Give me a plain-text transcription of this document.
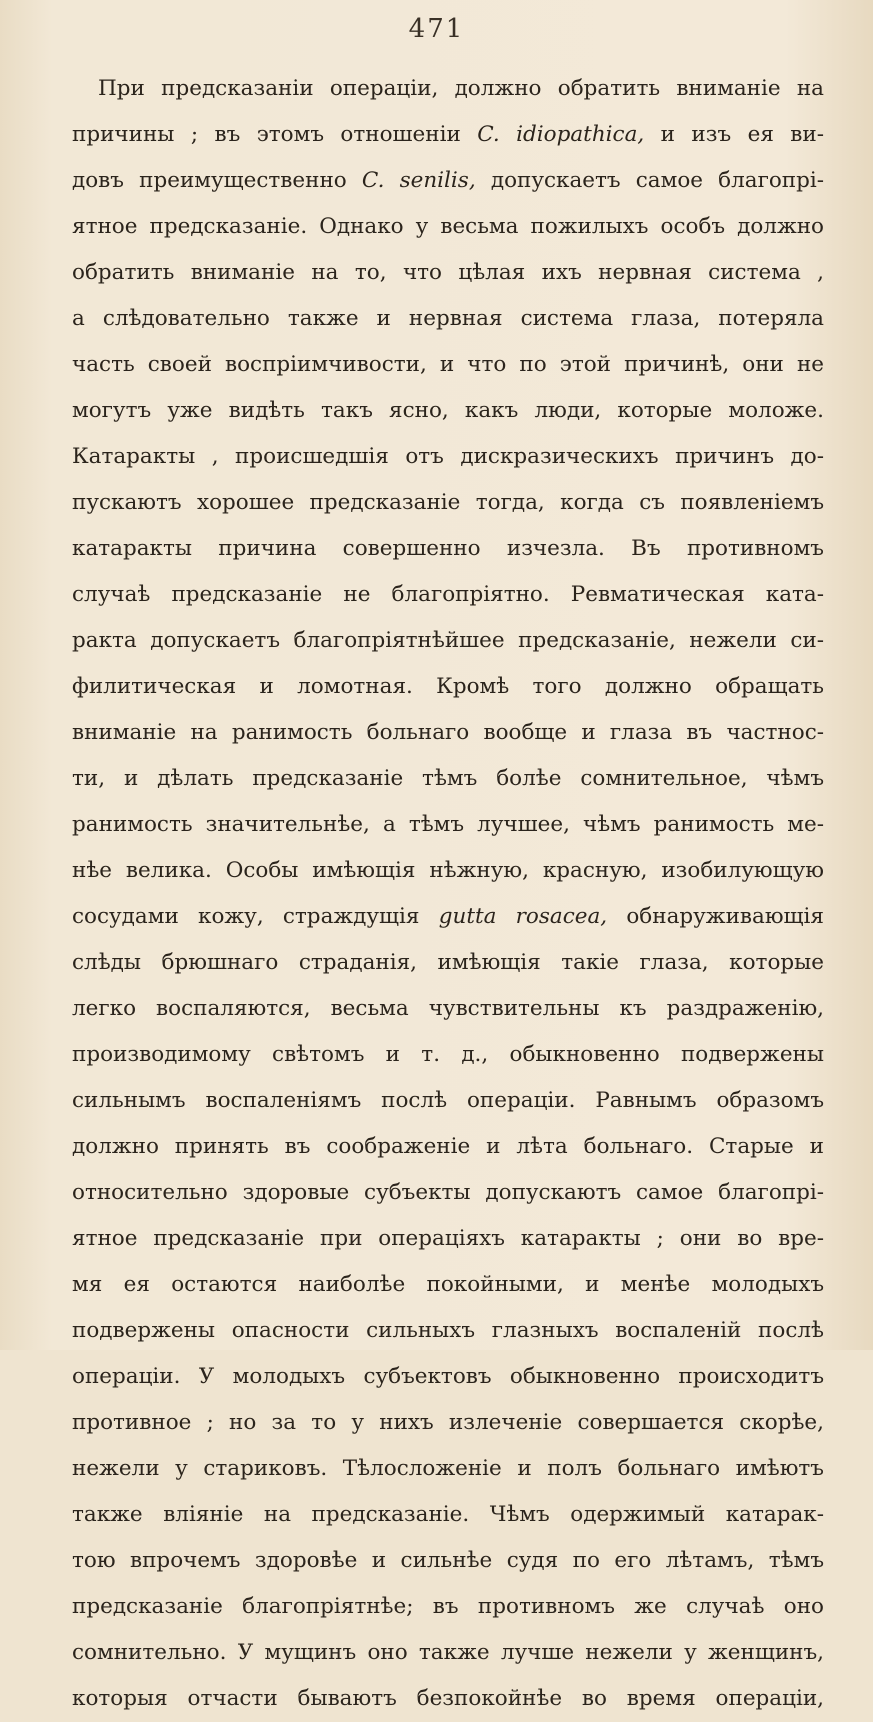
471
При предсказаніи операціи, должно обратить вниманіе на
причины ; въ этомъ отношеніи C. idiopathica, и изъ ея ви-
довъ преимущественно C. senilis, допускаетъ самое благопрі-
ятное предсказаніе. Однако у весьма пожилыхъ особъ должно
обратить вниманіе на то, что цѣлая ихъ нервная система ,
а слѣдовательно также и нервная система глаза, потеряла
часть своей воспріимчивости, и что по этой причинѣ, они не
могутъ уже видѣть такъ ясно, какъ люди, которые моложе.
Катаракты , происшедшія отъ дискразическихъ причинъ до-
пускаютъ хорошее предсказаніе тогда, когда съ появленіемъ
катаракты причина совершенно изчезла. Въ противномъ
случаѣ предсказаніе не благопріятно. Ревматическая ката-
ракта допускаетъ благопріятнѣйшее предсказаніе, нежели си-
филитическая и ломотная. Кромѣ того должно обращать
вниманіе на ранимость больнаго вообще и глаза въ частнос-
ти, и дѣлать предсказаніе тѣмъ болѣе сомнительное, чѣмъ
ранимость значительнѣе, а тѣмъ лучшее, чѣмъ ранимость ме-
нѣе велика. Особы имѣющія нѣжную, красную, изобилующую
сосудами кожу, страждущія gutta rosacea, обнаруживающія
слѣды брюшнаго страданія, имѣющія такіе глаза, которые
легко воспаляются, весьма чувствительны къ раздраженію,
производимому свѣтомъ и т. д., обыкновенно подвержены
сильнымъ воспаленіямъ послѣ операціи. Равнымъ образомъ
должно принять въ соображеніе и лѣта больнаго. Старые и
относительно здоровые субъекты допускаютъ самое благопрі-
ятное предсказаніе при операціяхъ катаракты ; они во вре-
мя ея остаются наиболѣе покойными, и менѣе молодыхъ
подвержены опасности сильныхъ глазныхъ воспаленій послѣ
операціи. У молодыхъ субъектовъ обыкновенно происходитъ
противное ; но за то у нихъ излеченіе совершается скорѣе,
нежели у стариковъ. Тѣлосложеніе и полъ больнаго имѣютъ
также вліяніе на предсказаніе. Чѣмъ одержимый катарак-
тою впрочемъ здоровѣе и сильнѣе судя по его лѣтамъ, тѣмъ
предсказаніе благопріятнѣе; въ противномъ же случаѣ оно
сомнительно. У мущинъ оно также лучше нежели у женщинъ,
которыя отчасти бываютъ безпокойнѣе во время операціи,
